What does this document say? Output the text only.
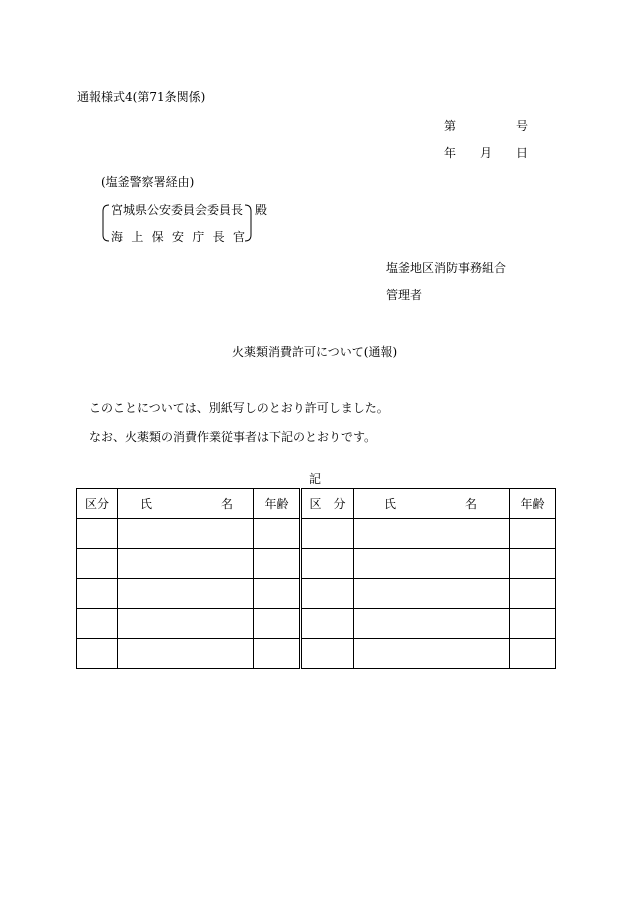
通報様式4(第71条関係)
第	号
年 月 日
(塩釜警察署経由)
宮城県公安委員会委員長
海 上 保 安 庁 長 官
殿
塩釜地区消防事務組合
管理者
火薬類消費許可について(通報)
このことについては、別紙写しのとおり許可しました。
なお、火薬類の消費作業従事者は下記のとおりです。
記
区分	氏 名	年齢	区　分	氏 名	年齢
